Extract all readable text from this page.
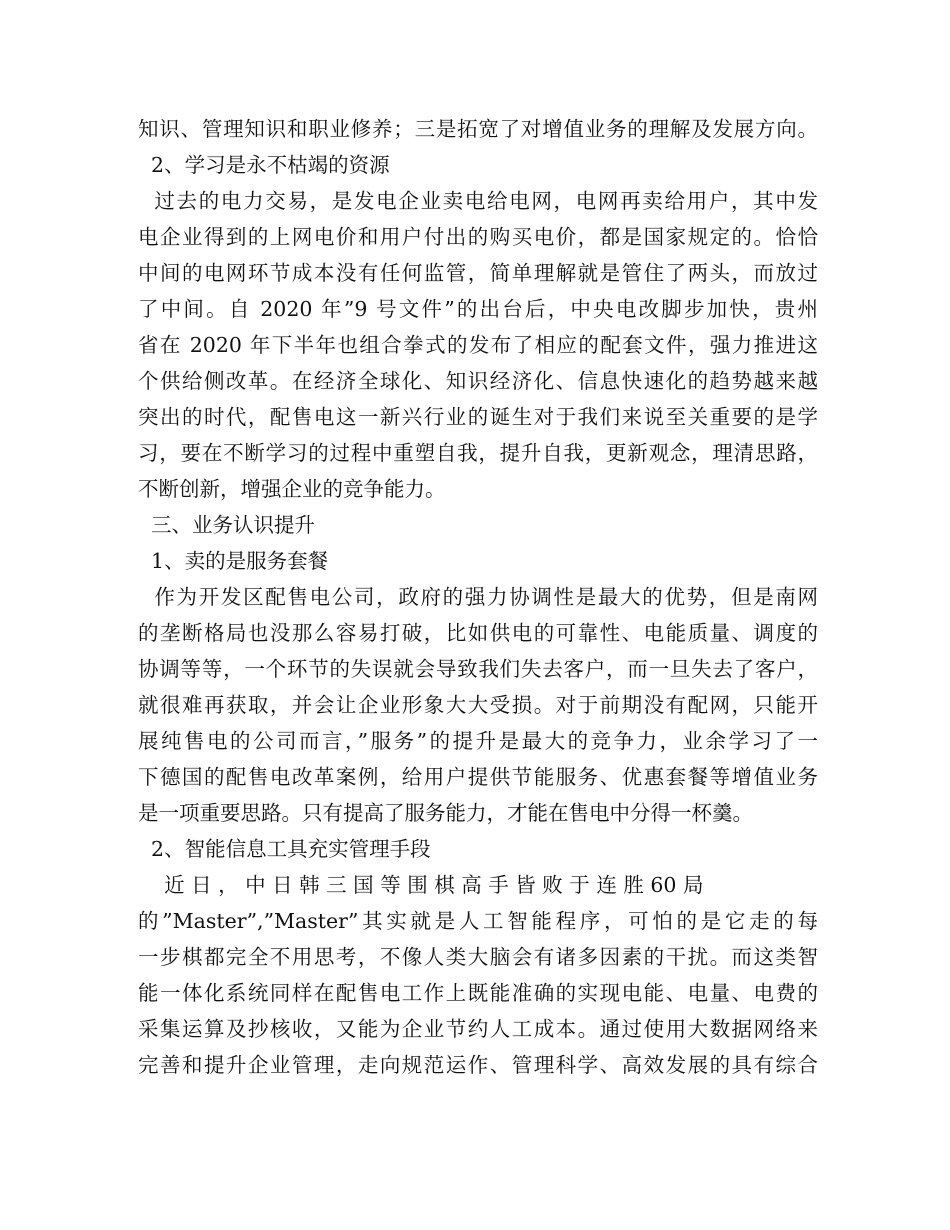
知识、管理知识和职业修养；三是拓宽了对增值业务的理解及发展方向。
2、学习是永不枯竭的资源
过去的电力交易，是发电企业卖电给电网，电网再卖给用户，其中发
电企业得到的上网电价和用户付出的购买电价，都是国家规定的。恰恰
中间的电网环节成本没有任何监管，简单理解就是管住了两头，而放过
了中间。自 2020 年”9 号文件”的出台后，中央电改脚步加快，贵州
省在 2020 年下半年也组合拳式的发布了相应的配套文件，强力推进这
个供给侧改革。在经济全球化、知识经济化、信息快速化的趋势越来越
突出的时代，配售电这一新兴行业的诞生对于我们来说至关重要的是学
习，要在不断学习的过程中重塑自我，提升自我，更新观念，理清思路，
不断创新，增强企业的竞争能力。
三、业务认识提升
1、卖的是服务套餐
作为开发区配售电公司，政府的强力协调性是最大的优势，但是南网
的垄断格局也没那么容易打破，比如供电的可靠性、电能质量、调度的
协调等等，一个环节的失误就会导致我们失去客户，而一旦失去了客户，
就很难再获取，并会让企业形象大大受损。对于前期没有配网，只能开
展纯售电的公司而言，”服务”的提升是最大的竞争力，业余学习了一
下德国的配售电改革案例，给用户提供节能服务、优惠套餐等增值业务
是一项重要思路。只有提高了服务能力，才能在售电中分得一杯羹。
2、智能信息工具充实管理手段
近 日 ， 中 日 韩 三 国 等 围 棋 高 手 皆 败 于 连 胜 60 局
的”Master”,”Master”其实就是人工智能程序，可怕的是它走的每
一步棋都完全不用思考，不像人类大脑会有诸多因素的干扰。而这类智
能一体化系统同样在配售电工作上既能准确的实现电能、电量、电费的
采集运算及抄核收，又能为企业节约人工成本。通过使用大数据网络来
完善和提升企业管理，走向规范运作、管理科学、高效发展的具有综合
